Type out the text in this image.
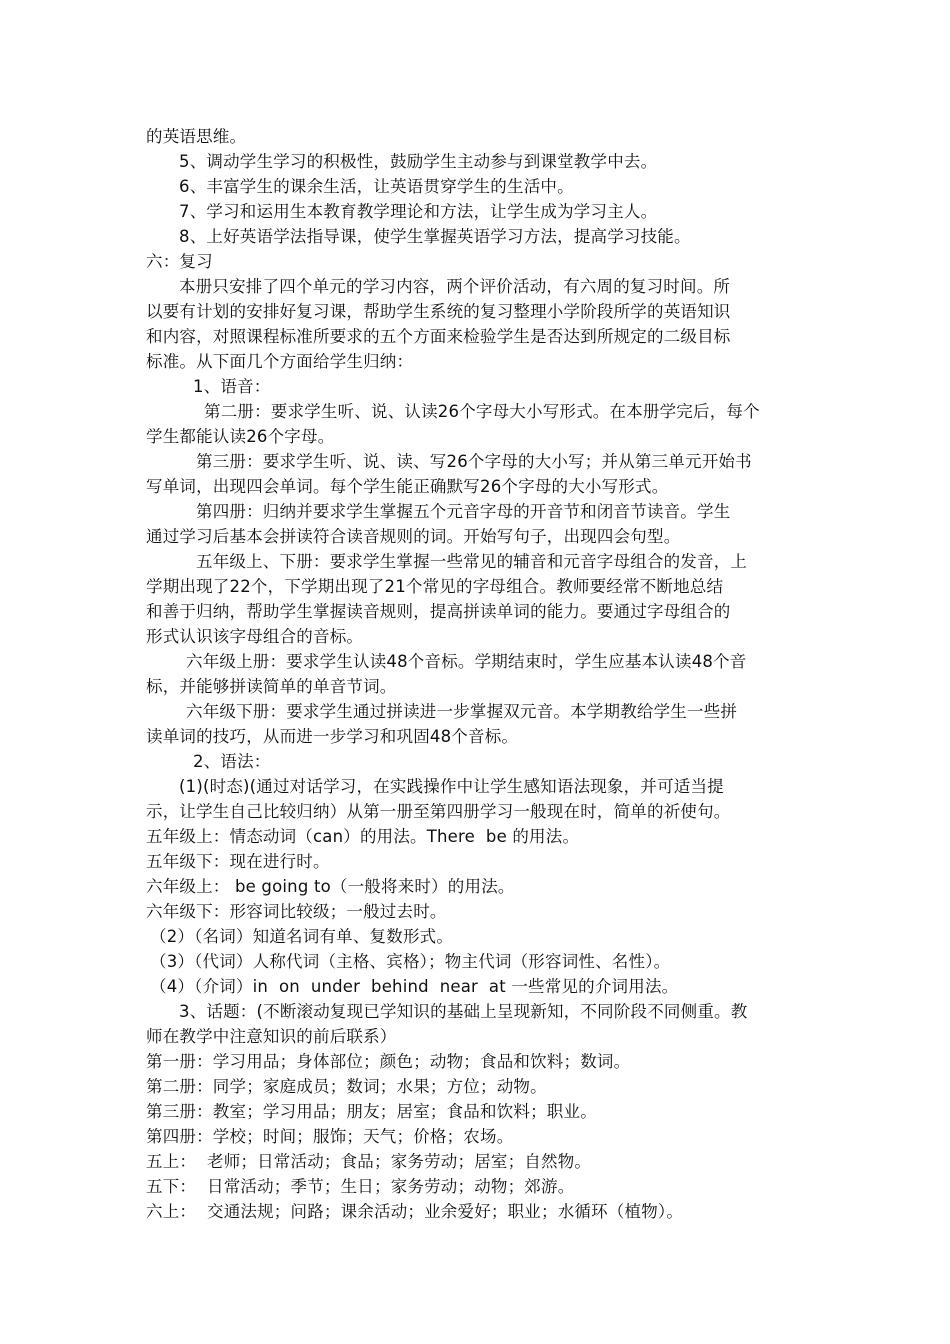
的英语思维。
5、调动学生学习的积极性，鼓励学生主动参与到课堂教学中去。
6、丰富学生的课余生活，让英语贯穿学生的生活中。
7、学习和运用生本教育教学理论和方法，让学生成为学习主人。
8、上好英语学法指导课，使学生掌握英语学习方法，提高学习技能。
六：复习
本册只安排了四个单元的学习内容，两个评价活动，有六周的复习时间。所
以要有计划的安排好复习课，帮助学生系统的复习整理小学阶段所学的英语知识
和内容，对照课程标准所要求的五个方面来检验学生是否达到所规定的二级目标
标准。从下面几个方面给学生归纳：
1、语音：
第二册：要求学生听、说、认读26个字母大小写形式。在本册学完后，每个
学生都能认读26个字母。
第三册：要求学生听、说、读、写26个字母的大小写；并从第三单元开始书
写单词，出现四会单词。每个学生能正确默写26个字母的大小写形式。
第四册：归纳并要求学生掌握五个元音字母的开音节和闭音节读音。学生
通过学习后基本会拼读符合读音规则的词。开始写句子，出现四会句型。
五年级上、下册：要求学生掌握一些常见的辅音和元音字母组合的发音，上
学期出现了22个，下学期出现了21个常见的字母组合。教师要经常不断地总结
和善于归纳，帮助学生掌握读音规则，提高拼读单词的能力。要通过字母组合的
形式认识该字母组合的音标。
六年级上册：要求学生认读48个音标。学期结束时，学生应基本认读48个音
标，并能够拼读简单的单音节词。
六年级下册：要求学生通过拼读进一步掌握双元音。本学期教给学生一些拼
读单词的技巧，从而进一步学习和巩固48个音标。
2、语法：
(1)(时态)(通过对话学习，在实践操作中让学生感知语法现象，并可适当提
示，让学生自己比较归纳）从第一册至第四册学习一般现在时，简单的祈使句。
五年级上：情态动词（can）的用法。There  be 的用法。
五年级下：现在进行时。
六年级上： be going to（一般将来时）的用法。
六年级下：形容词比较级；一般过去时。
（2）（名词）知道名词有单、复数形式。
（3）（代词）人称代词（主格、宾格）；物主代词（形容词性、名性）。
（4）（介词）in  on  under  behind  near  at 一些常见的介词用法。
3、话题：(不断滚动复现已学知识的基础上呈现新知，不同阶段不同侧重。教
师在教学中注意知识的前后联系）
第一册：学习用品；身体部位；颜色；动物；食品和饮料；数词。
第二册：同学；家庭成员；数词；水果；方位；动物。
第三册：教室；学习用品；朋友；居室；食品和饮料；职业。
第四册：学校；时间；服饰；天气；价格；农场。
五上：  老师；日常活动；食品；家务劳动；居室；自然物。
五下：  日常活动；季节；生日；家务劳动；动物；郊游。
六上：  交通法规；问路；课余活动；业余爱好；职业；水循环（植物）。
